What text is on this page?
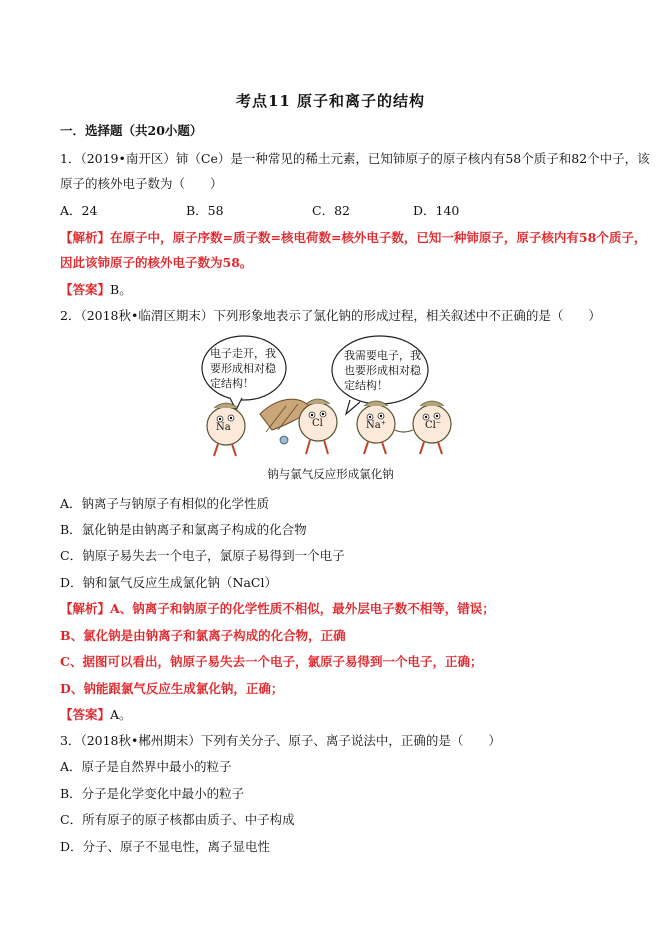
考点11 原子和离子的结构
一．选择题（共20小题）
1．（2019•南开区）铈（Ce）是一种常见的稀土元素，已知铈原子的原子核内有58个质子和82个中子，该
原子的核外电子数为（　　）
A．24	B．58	C．82	D．140
【解析】在原子中，原子序数=质子数=核电荷数=核外电子数，已知一种铈原子，原子核内有58个质子，
因此该铈原子的核外电子数为58。
【答案】B。
2．（2018秋•临渭区期末）下列形象地表示了氯化钠的形成过程，相关叙述中不正确的是（　　）
电子走开，我
要形成相对稳
定结构！
我需要电子，我
也要形成相对稳
定结构！
Na	Cl	Na⁺	Cl⁻
钠与氯气反应形成氯化钠
A．钠离子与钠原子有相似的化学性质
B．氯化钠是由钠离子和氯离子构成的化合物
C．钠原子易失去一个电子，氯原子易得到一个电子
D．钠和氯气反应生成氯化钠（NaCl）
【解析】A、钠离子和钠原子的化学性质不相似，最外层电子数不相等，错误；
B、氯化钠是由钠离子和氯离子构成的化合物，正确
C、据图可以看出，钠原子易失去一个电子，氯原子易得到一个电子，正确；
D、钠能跟氯气反应生成氯化钠，正确；
【答案】A。
3．（2018秋•郴州期末）下列有关分子、原子、离子说法中，正确的是（　　）
A．原子是自然界中最小的粒子
B．分子是化学变化中最小的粒子
C．所有原子的原子核都由质子、中子构成
D．分子、原子不显电性，离子显电性
